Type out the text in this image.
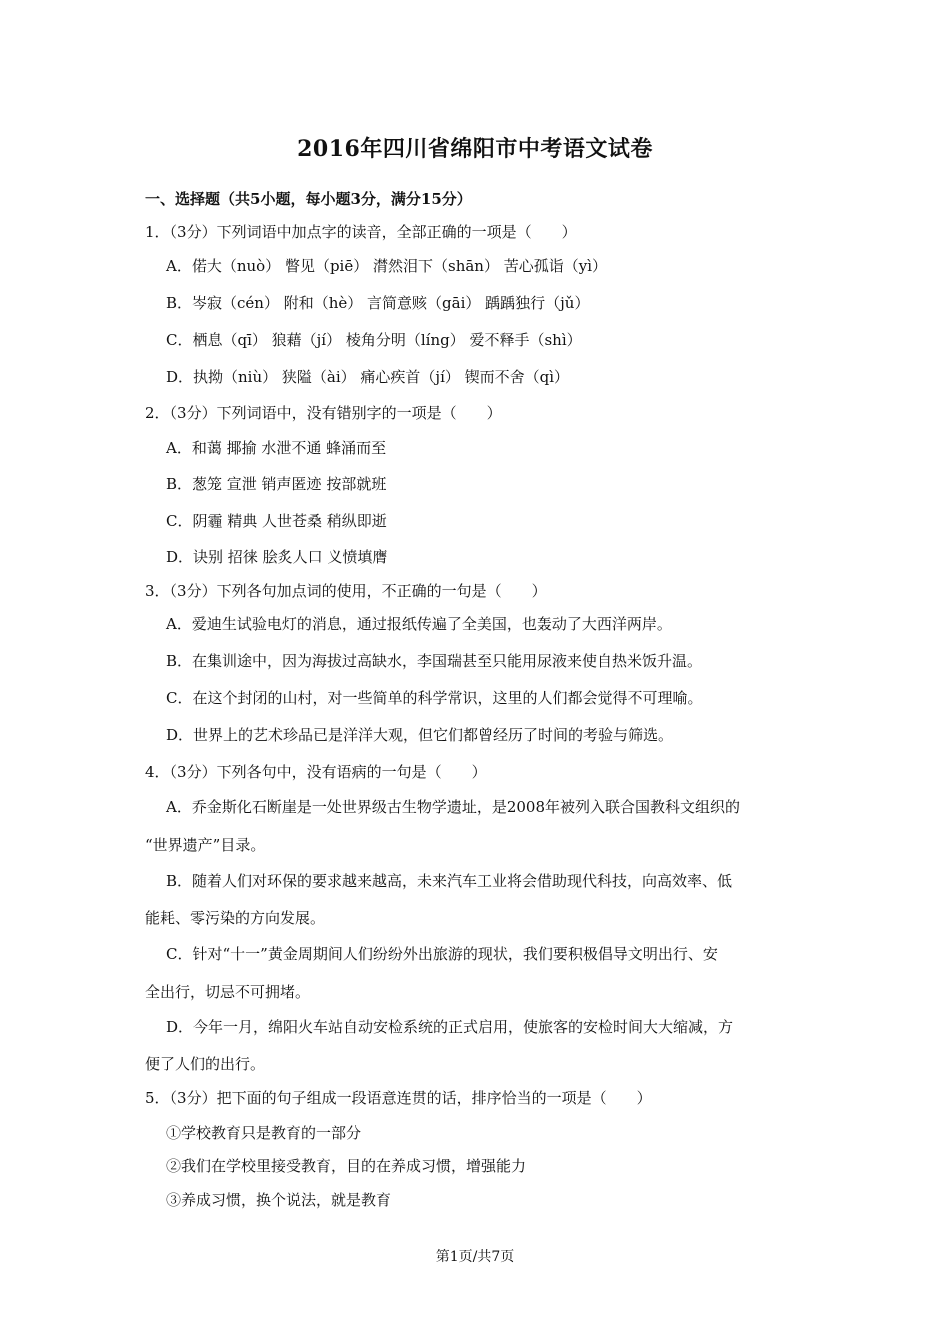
2016年四川省绵阳市中考语文试卷
一、选择题（共5小题，每小题3分，满分15分）
1．（3分）下列词语中加点字的读音，全部正确的一项是（　　）
A．偌大（nuò） 瞥见（piē） 潸然泪下（shān） 苦心孤诣（yì）
B．岑寂（cén） 附和（hè） 言简意赅（gāi） 踽踽独行（jǔ）
C．栖息（qī） 狼藉（jí） 棱角分明（líng） 爱不释手（shì）
D．执拗（niù） 狭隘（ài） 痛心疾首（jí） 锲而不舍（qì）
2．（3分）下列词语中，没有错别字的一项是（　　）
A．和蔼 揶揄 水泄不通 蜂涌而至
B．葱笼 宣泄 销声匿迹 按部就班
C．阴霾 精典 人世苍桑 稍纵即逝
D．诀别 招徕 脍炙人口 义愤填膺
3．（3分）下列各句加点词的使用，不正确的一句是（　　）
A．爱迪生试验电灯的消息，通过报纸传遍了全美国，也轰动了大西洋两岸。
B．在集训途中，因为海拔过高缺水，李国瑞甚至只能用尿液来使自热米饭升温。
C．在这个封闭的山村，对一些简单的科学常识，这里的人们都会觉得不可理喻。
D．世界上的艺术珍品已是洋洋大观，但它们都曾经历了时间的考验与筛选。
4．（3分）下列各句中，没有语病的一句是（　　）
A．乔金斯化石断崖是一处世界级古生物学遗址，是2008年被列入联合国教科文组织的
“世界遗产”目录。
B．随着人们对环保的要求越来越高，未来汽车工业将会借助现代科技，向高效率、低
能耗、零污染的方向发展。
C．针对“十一”黄金周期间人们纷纷外出旅游的现状，我们要积极倡导文明出行、安
全出行，切忌不可拥堵。
D．今年一月，绵阳火车站自动安检系统的正式启用，使旅客的安检时间大大缩减，方
便了人们的出行。
5．（3分）把下面的句子组成一段语意连贯的话，排序恰当的一项是（　　）
①学校教育只是教育的一部分
②我们在学校里接受教育，目的在养成习惯，增强能力
③养成习惯，换个说法，就是教育
第1页/共7页
